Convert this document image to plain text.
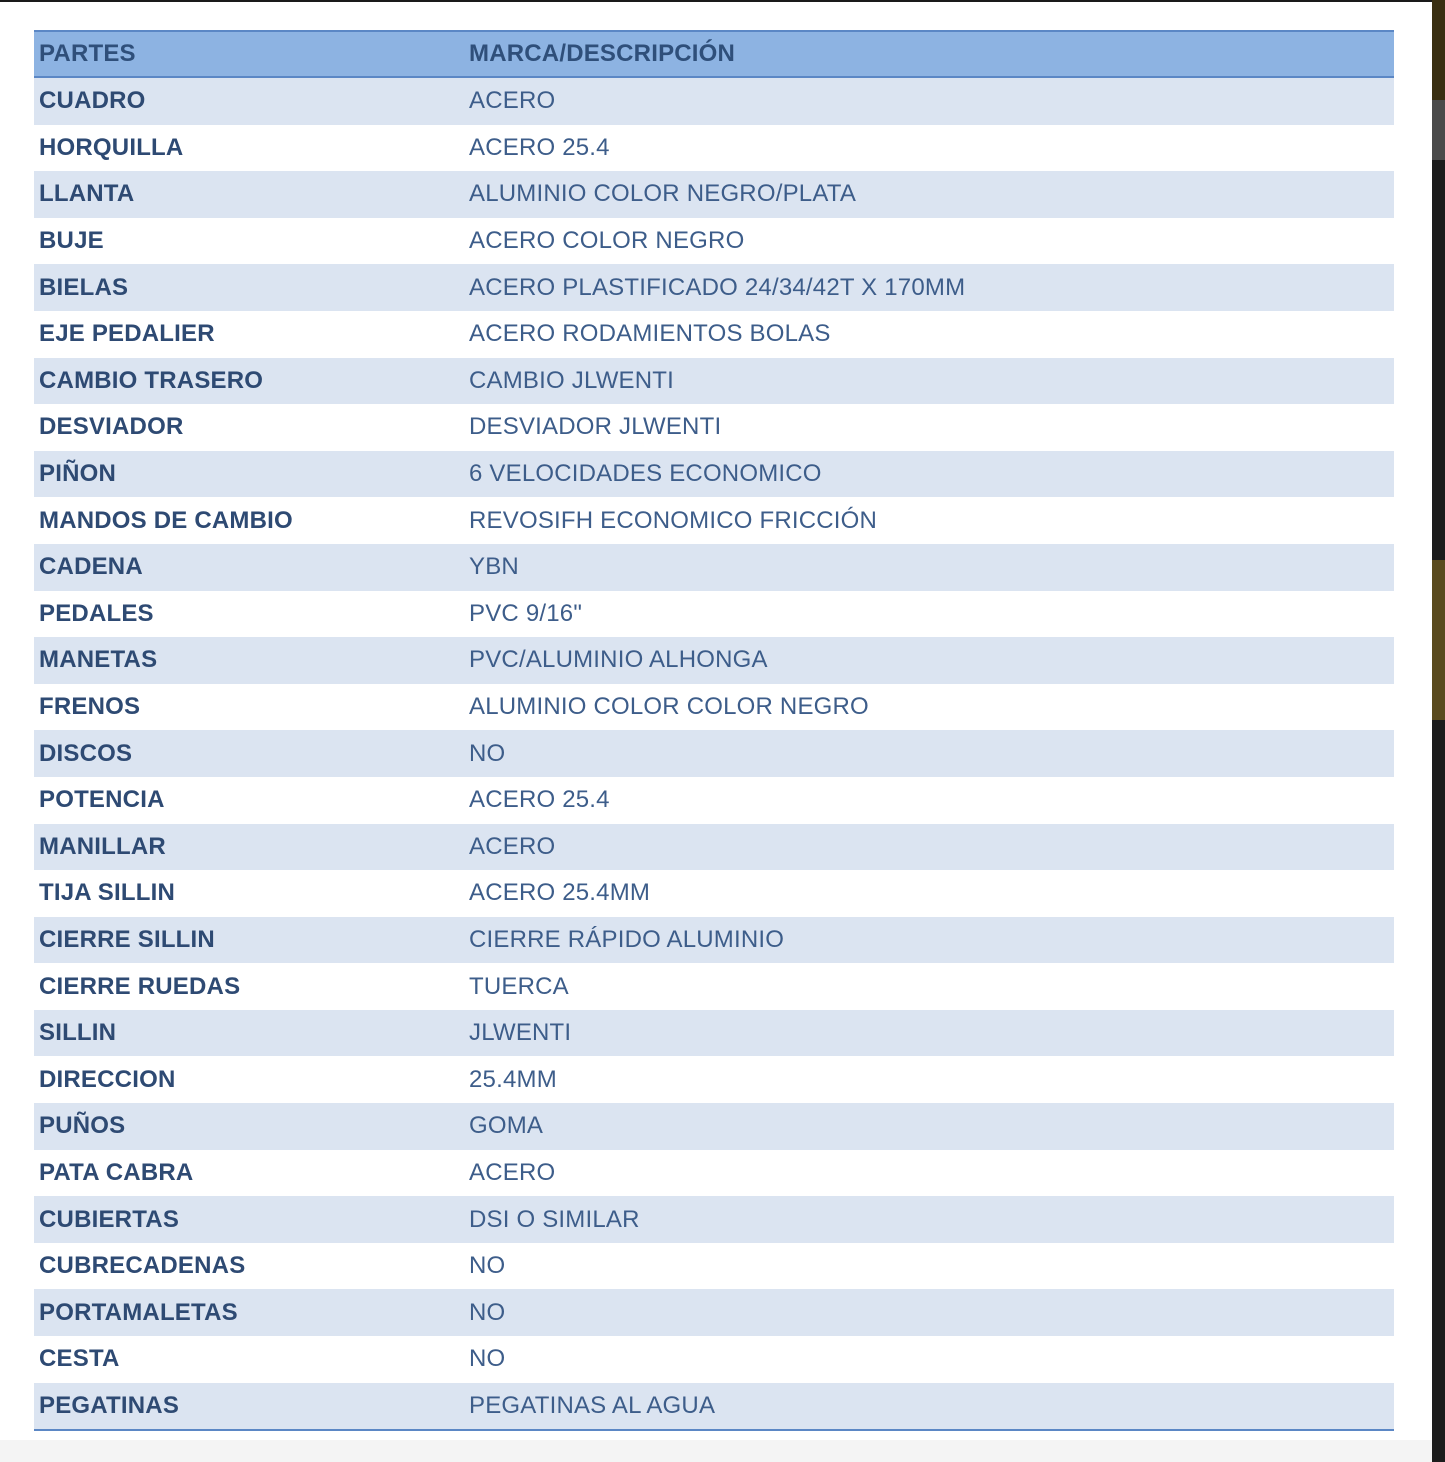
PARTES	MARCA/DESCRIPCIÓN
CUADRO	ACERO
HORQUILLA	ACERO 25.4
LLANTA	ALUMINIO COLOR NEGRO/PLATA
BUJE	ACERO COLOR NEGRO
BIELAS	ACERO PLASTIFICADO 24/34/42T X 170MM
EJE PEDALIER	ACERO RODAMIENTOS BOLAS
CAMBIO TRASERO	CAMBIO JLWENTI
DESVIADOR	DESVIADOR JLWENTI
PIÑON	6 VELOCIDADES ECONOMICO
MANDOS DE CAMBIO	REVOSIFH ECONOMICO FRICCIÓN
CADENA	YBN
PEDALES	PVC 9/16"
MANETAS	PVC/ALUMINIO ALHONGA
FRENOS	ALUMINIO COLOR COLOR NEGRO
DISCOS	NO
POTENCIA	ACERO 25.4
MANILLAR	ACERO
TIJA SILLIN	ACERO 25.4MM
CIERRE SILLIN	CIERRE RÁPIDO ALUMINIO
CIERRE RUEDAS	TUERCA
SILLIN	JLWENTI
DIRECCION	25.4MM
PUÑOS	GOMA
PATA CABRA	ACERO
CUBIERTAS	DSI O SIMILAR
CUBRECADENAS	NO
PORTAMALETAS	NO
CESTA	NO
PEGATINAS	PEGATINAS AL AGUA
